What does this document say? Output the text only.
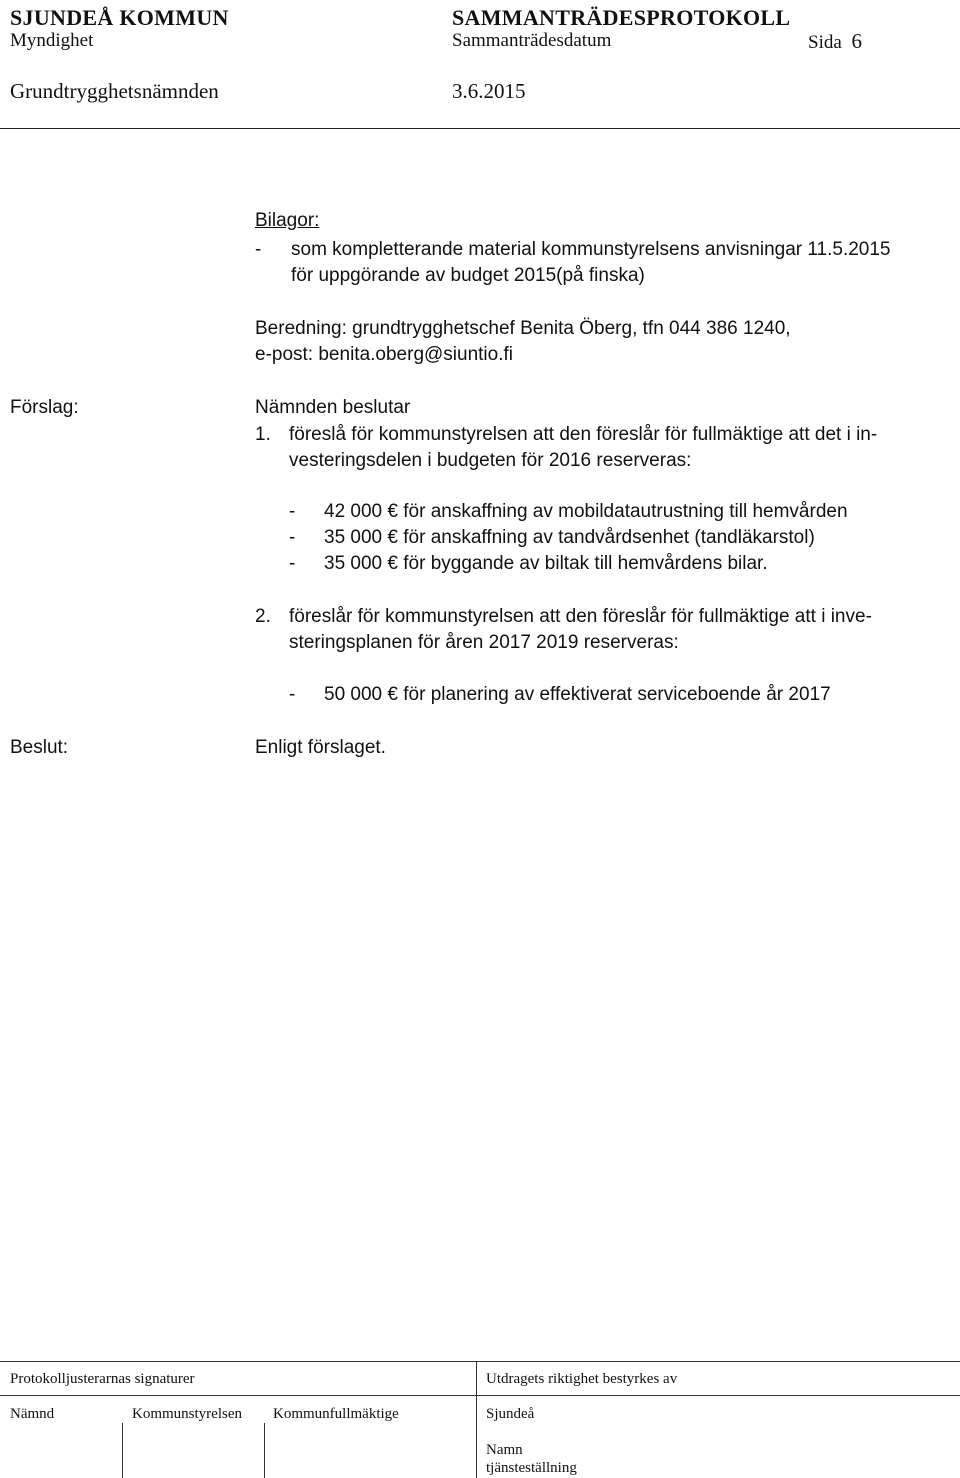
SJUNDEÅ KOMMUN
Myndighet
Grundtrygghetsnämnden
SAMMANTRÄDESPROTOKOLL
Sammanträdesdatum
3.6.2015
Sida 6
Bilagor:
- som kompletterande material kommunstyrelsens anvisningar 11.5.2015
för uppgörande av budget 2015(på finska)
Beredning: grundtrygghetschef Benita Öberg, tfn 044 386 1240,
e-post: benita.oberg@siuntio.fi
Förslag:	Nämnden beslutar
1. föreslå för kommunstyrelsen att den föreslår för fullmäktige att det i in-
vesteringsdelen i budgeten för 2016 reserveras:
- 42 000 € för anskaffning av mobildatautrustning till hemvården
- 35 000 € för anskaffning av tandvårdsenhet (tandläkarstol)
- 35 000 € för byggande av biltak till hemvårdens bilar.
2. föreslår för kommunstyrelsen att den föreslår för fullmäktige att i inve-
steringsplanen för åren 2017 2019 reserveras:
- 50 000 € för planering av effektiverat serviceboende år 2017
Beslut:	Enligt förslaget.
Protokolljusterarnas signaturer	Utdragets riktighet bestyrkes av
Nämnd	Kommunstyrelsen Kommunfullmäktige	Sjundeå
Namn
tjänsteställning
